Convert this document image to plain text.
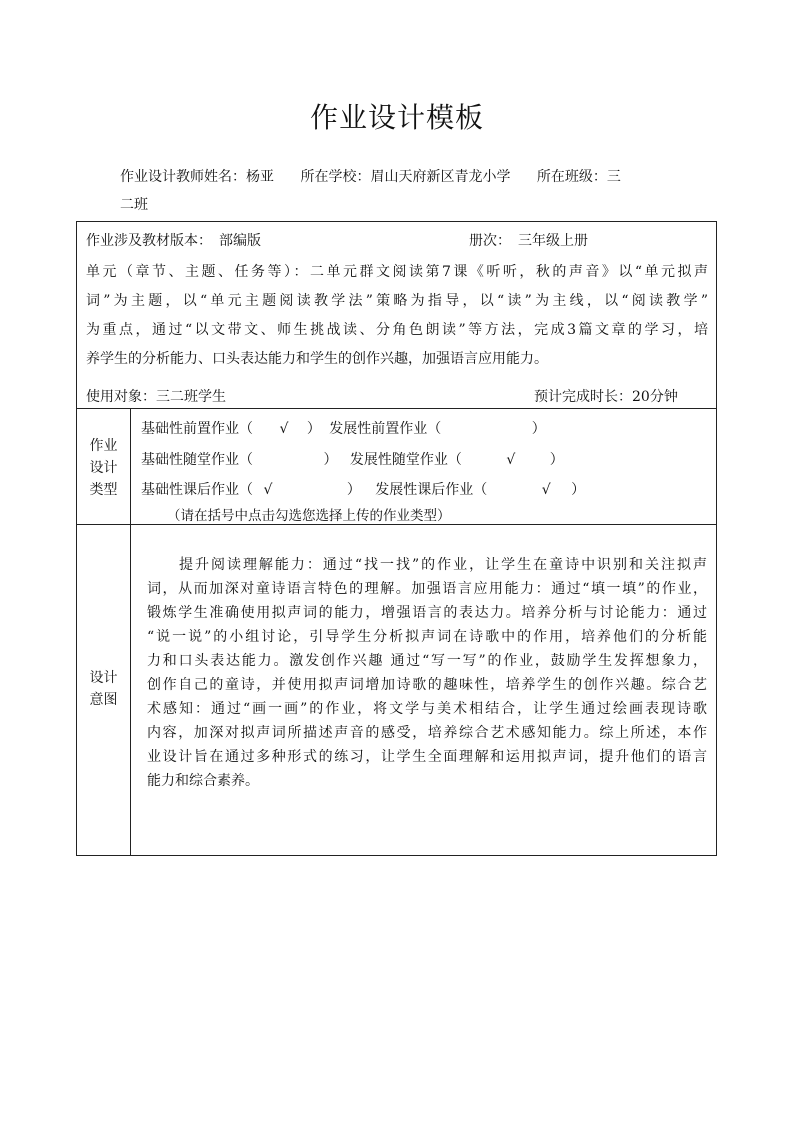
作业设计模板
作业设计教师姓名：杨亚 所在学校：眉山天府新区青龙小学 所在班级：三
二班
作业涉及教材版本：　部编版	册次：　三年级上册
单元（章节、主题、任务等）：二单元群文阅读第7课《听听，秋的声音》以“单元拟声
词”为主题，以“单元主题阅读教学法”策略为指导，以“读”为主线，以“阅读教学”
为重点，通过“以文带文、师生挑战读、分角色朗读”等方法，完成3篇文章的学习，培
养学生的分析能力、口头表达能力和学生的创作兴趣，加强语言应用能力。
使用对象：三二班学生	预计完成时长：20分钟
作业
设计
类型
基础性前置作业（ √ ） 发展性前置作业（	）
基础性随堂作业（	） 发展性随堂作业（	√ ）
基础性课后作业（ √	） 发展性课后作业（	√ ）
（请在括号中点击勾选您选择上传的作业类型）
设计
意图
　　提升阅读理解能力：通过“找一找”的作业，让学生在童诗中识别和关注拟声
词，从而加深对童诗语言特色的理解。加强语言应用能力：通过“填一填”的作业，
锻炼学生准确使用拟声词的能力，增强语言的表达力。培养分析与讨论能力：通过
“说一说”的小组讨论，引导学生分析拟声词在诗歌中的作用，培养他们的分析能
力和口头表达能力。激发创作兴趣 通过“写一写”的作业，鼓励学生发挥想象力，
创作自己的童诗，并使用拟声词增加诗歌的趣味性，培养学生的创作兴趣。综合艺
术感知：通过“画一画”的作业，将文学与美术相结合，让学生通过绘画表现诗歌
内容，加深对拟声词所描述声音的感受，培养综合艺术感知能力。综上所述，本作
业设计旨在通过多种形式的练习，让学生全面理解和运用拟声词，提升他们的语言
能力和综合素养。
